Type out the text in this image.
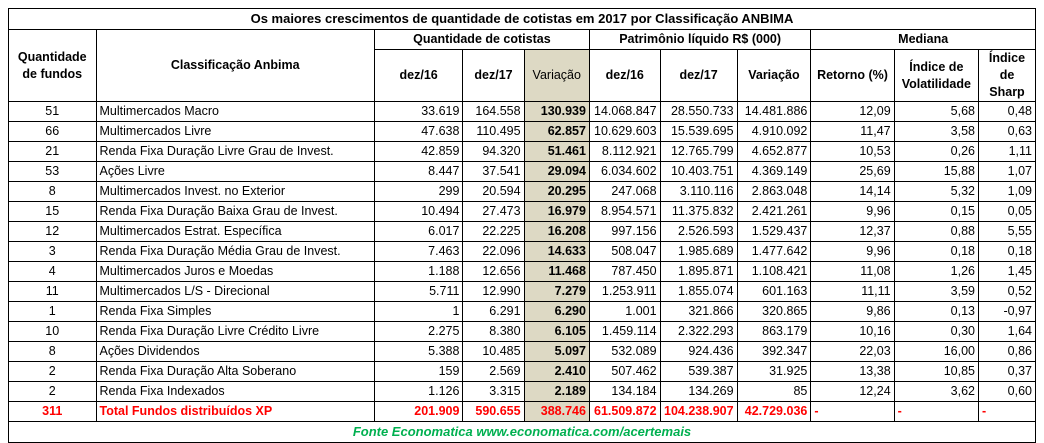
Os maiores crescimentos de quantidade de cotistas em 2017 por Classificação ANBIMA										
Quantidade de fundos	Classificação Anbima	Quantidade de cotistas			Patrimônio líquido R$ (000)			Mediana		
		dez/16	dez/17	Variação	dez/16	dez/17	Variação	Retorno (%)	Índice de Volatilidade	Índice de Sharp
51	Multimercados Macro	33.619	164.558	130.939	14.068.847	28.550.733	14.481.886	12,09	5,68	0,48
66	Multimercados Livre	47.638	110.495	62.857	10.629.603	15.539.695	4.910.092	11,47	3,58	0,63
21	Renda Fixa Duração Livre Grau de Invest.	42.859	94.320	51.461	8.112.921	12.765.799	4.652.877	10,53	0,26	1,11
53	Ações Livre	8.447	37.541	29.094	6.034.602	10.403.751	4.369.149	25,69	15,88	1,07
8	Multimercados Invest. no Exterior	299	20.594	20.295	247.068	3.110.116	2.863.048	14,14	5,32	1,09
15	Renda Fixa Duração Baixa Grau de Invest.	10.494	27.473	16.979	8.954.571	11.375.832	2.421.261	9,96	0,15	0,05
12	Multimercados Estrat. Específica	6.017	22.225	16.208	997.156	2.526.593	1.529.437	12,37	0,88	5,55
3	Renda Fixa Duração Média Grau de Invest.	7.463	22.096	14.633	508.047	1.985.689	1.477.642	9,96	0,18	0,18
4	Multimercados Juros e Moedas	1.188	12.656	11.468	787.450	1.895.871	1.108.421	11,08	1,26	1,45
11	Multimercados L/S - Direcional	5.711	12.990	7.279	1.253.911	1.855.074	601.163	11,11	3,59	0,52
1	Renda Fixa Simples	1	6.291	6.290	1.001	321.866	320.865	9,86	0,13	-0,97
10	Renda Fixa Duração Livre Crédito Livre	2.275	8.380	6.105	1.459.114	2.322.293	863.179	10,16	0,30	1,64
8	Ações Dividendos	5.388	10.485	5.097	532.089	924.436	392.347	22,03	16,00	0,86
2	Renda Fixa Duração Alta Soberano	159	2.569	2.410	507.462	539.387	31.925	13,38	10,85	0,37
2	Renda Fixa Indexados	1.126	3.315	2.189	134.184	134.269	85	12,24	3,62	0,60
311	Total Fundos distribuídos XP	201.909	590.655	388.746	61.509.872	104.238.907	42.729.036	-	-	-
Fonte Economatica www.economatica.com/acertemais										
